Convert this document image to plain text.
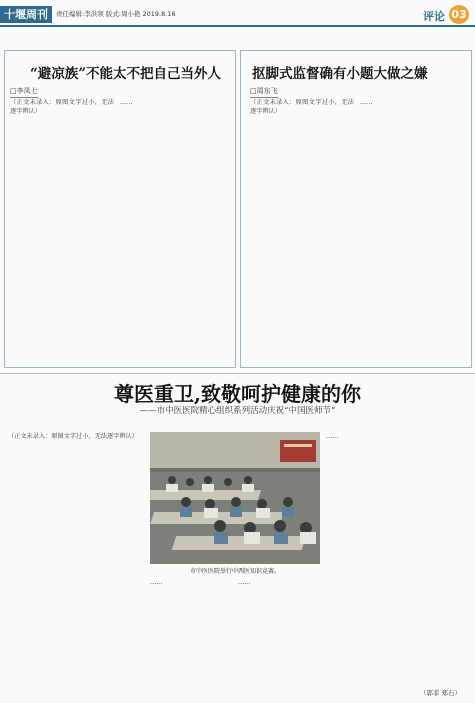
十堰周刊	责任编辑:李洪领 版式:周小艳 2019.8.16	评论 03
“避凉族”不能太不把自己当外人
□李凤七
（正文未录入：原图文字过小，无法逐字辨认）
……
抠脚式监督确有小题大做之嫌
□周东飞
（正文未录入：原图文字过小，无法逐字辨认）
……
尊医重卫,致敬呵护健康的你
——市中医医院精心组织系列活动庆祝“中国医师节”
（正文未录入：原图文字过小，无法逐字辨认）
市中医医院举行中西医知识竞赛。
……	……
……
（郭菲 郑石）
